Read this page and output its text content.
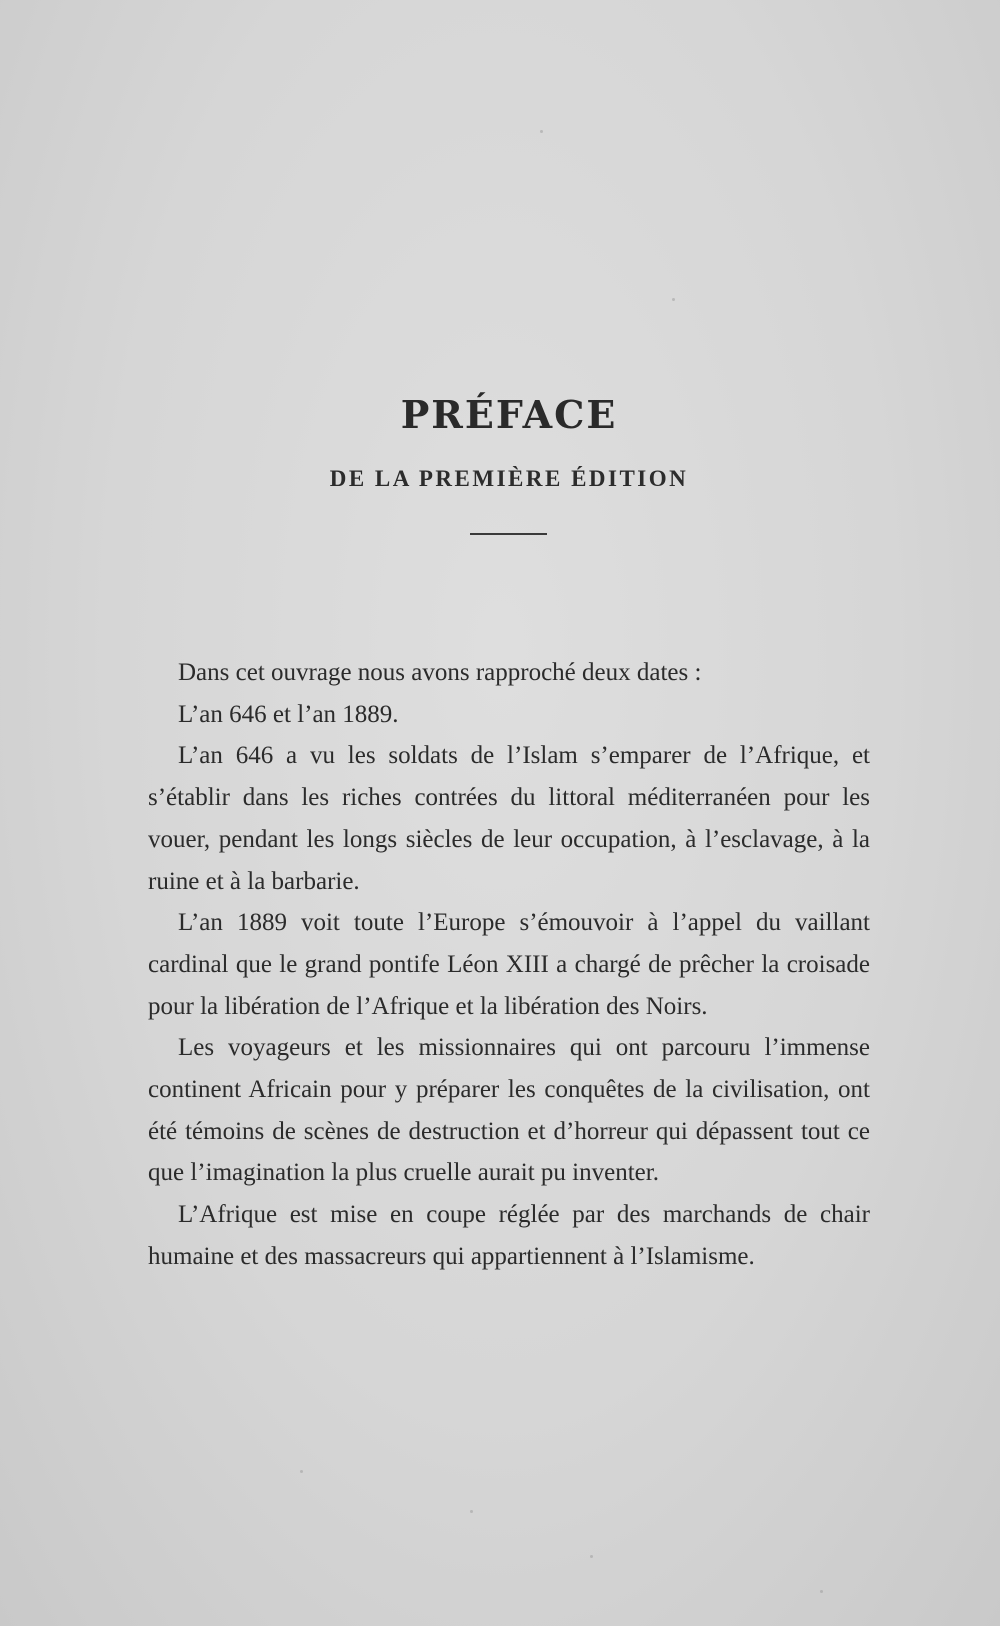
PRÉFACE
DE LA PREMIÈRE ÉDITION

Dans cet ouvrage nous avons rapproché deux dates :

L’an 646 et l’an 1889.

L’an 646 a vu les soldats de l’Islam s’emparer de l’Afrique, et s’établir dans les riches contrées du littoral méditerranéen pour les vouer, pendant les longs siècles de leur occupation, à l’esclavage, à la ruine et à la barbarie.

L’an 1889 voit toute l’Europe s’émouvoir à l’appel du vaillant cardinal que le grand pontife Léon XIII a chargé de prêcher la croisade pour la libération de l’Afrique et la libération des Noirs.

Les voyageurs et les missionnaires qui ont parcouru l’immense continent Africain pour y préparer les conquêtes de la civilisation, ont été témoins de scènes de destruction et d’horreur qui dépassent tout ce que l’imagination la plus cruelle aurait pu inventer.

L’Afrique est mise en coupe réglée par des marchands de chair humaine et des massacreurs qui appartiennent à l’Islamisme.
